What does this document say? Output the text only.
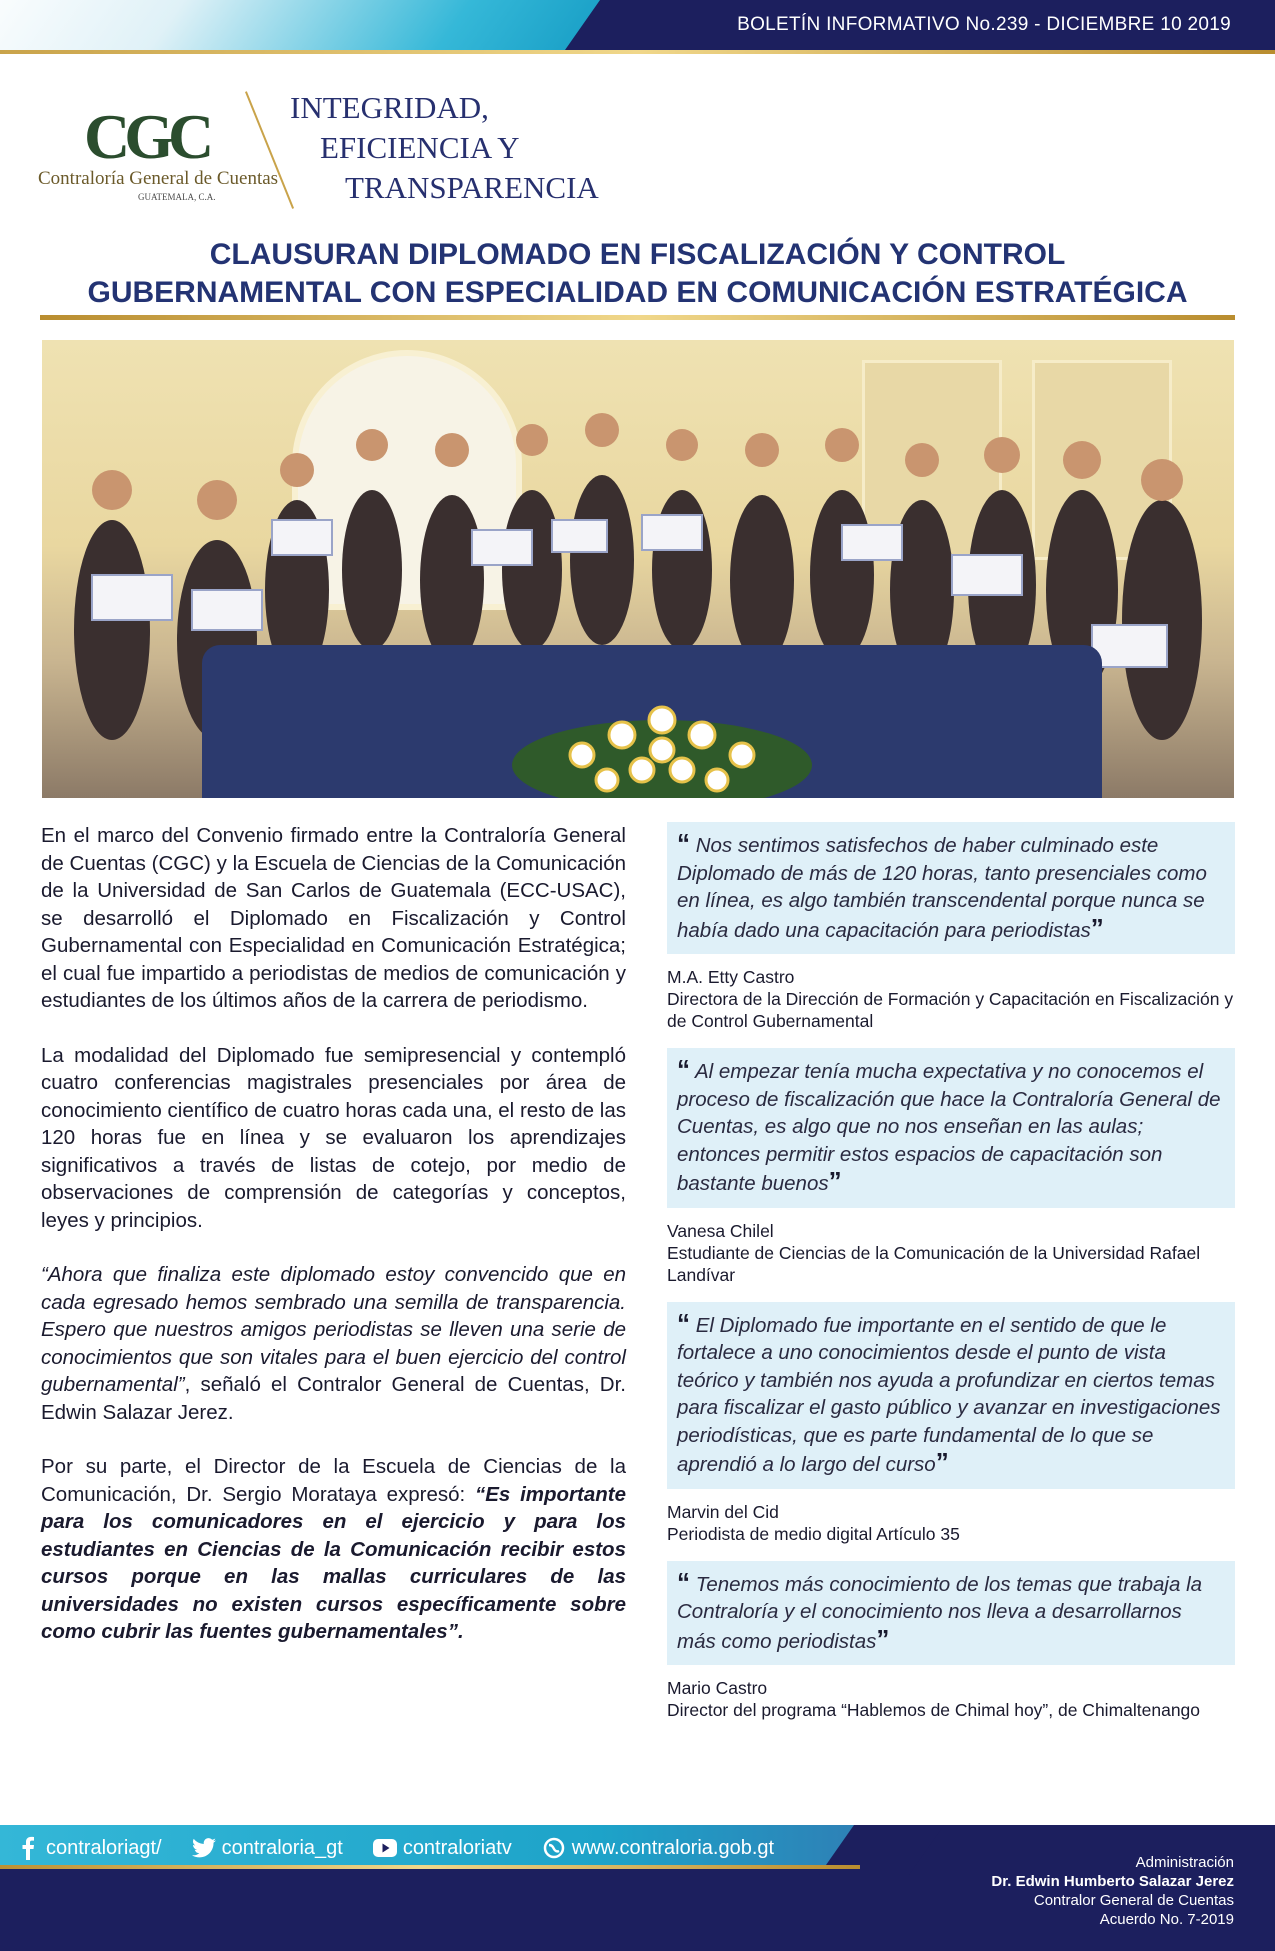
BOLETÍN INFORMATIVO No.239 - DICIEMBRE 10 2019
CGC
Contraloría General de Cuentas
GUATEMALA, C.A.
INTEGRIDAD,
EFICIENCIA Y
TRANSPARENCIA
CLAUSURAN DIPLOMADO EN FISCALIZACIÓN Y CONTROL
GUBERNAMENTAL CON ESPECIALIDAD EN COMUNICACIÓN ESTRATÉGICA

En el marco del Convenio firmado entre la Contraloría General de Cuentas (CGC) y la Escuela de Ciencias de la Comunicación de la Universidad de San Carlos de Guatemala (ECC-USAC), se desarrolló el Diplomado en Fiscalización y Control Gubernamental con Especialidad en Comunicación Estratégica; el cual fue impartido a periodistas de medios de comunicación y estudiantes de los últimos años de la carrera de periodismo.

La modalidad del Diplomado fue semipresencial y contempló cuatro conferencias magistrales presenciales por área de conocimiento científico de cuatro horas cada una, el resto de las 120 horas fue en línea y se evaluaron los aprendizajes significativos a través de listas de cotejo, por medio de observaciones de comprensión de categorías y conceptos, leyes y principios.

“Ahora que finaliza este diplomado estoy convencido que en cada egresado hemos sembrado una semilla de transparencia. Espero que nuestros amigos periodistas se lleven una serie de conocimientos que son vitales para el buen ejercicio del control gubernamental”, señaló el Contralor General de Cuentas, Dr. Edwin Salazar Jerez.

Por su parte, el Director de la Escuela de Ciencias de la Comunicación, Dr. Sergio Morataya expresó: “Es importante para los comunicadores en el ejercicio y para los estudiantes en Ciencias de la Comunicación recibir estos cursos porque en las mallas curriculares de las universidades no existen cursos específicamente sobre como cubrir las fuentes gubernamentales”.

“ Nos sentimos satisfechos de haber culminado este Diplomado de más de 120 horas, tanto presenciales como en línea, es algo también transcendental porque nunca se había dado una capacitación para periodistas”
M.A. Etty Castro
Directora de la Dirección de Formación y Capacitación en Fiscalización y de Control Gubernamental
“ Al empezar tenía mucha expectativa y no conocemos el proceso de fiscalización que hace la Contraloría General de Cuentas, es algo que no nos enseñan en las aulas; entonces permitir estos espacios de capacitación son bastante buenos”
Vanesa Chilel
Estudiante de Ciencias de la Comunicación de la Universidad Rafael Landívar
“ El Diplomado fue importante en el sentido de que le fortalece a uno conocimientos desde el punto de vista teórico y también nos ayuda a profundizar en ciertos temas para fiscalizar el gasto público y avanzar en investigaciones periodísticas, que es parte fundamental de lo que se aprendió a lo largo del curso”
Marvin del Cid
Periodista de medio digital Artículo 35
“ Tenemos más conocimiento de los temas que trabaja la Contraloría y el conocimiento nos lleva a desarrollarnos más como periodistas”
Mario Castro
Director del programa “Hablemos de Chimal hoy”, de Chimaltenango
contraloriagt/	contraloria_gt	contraloriatv	www.contraloria.gob.gt
Administración
Dr. Edwin Humberto Salazar Jerez
Contralor General de Cuentas
Acuerdo No. 7-2019
